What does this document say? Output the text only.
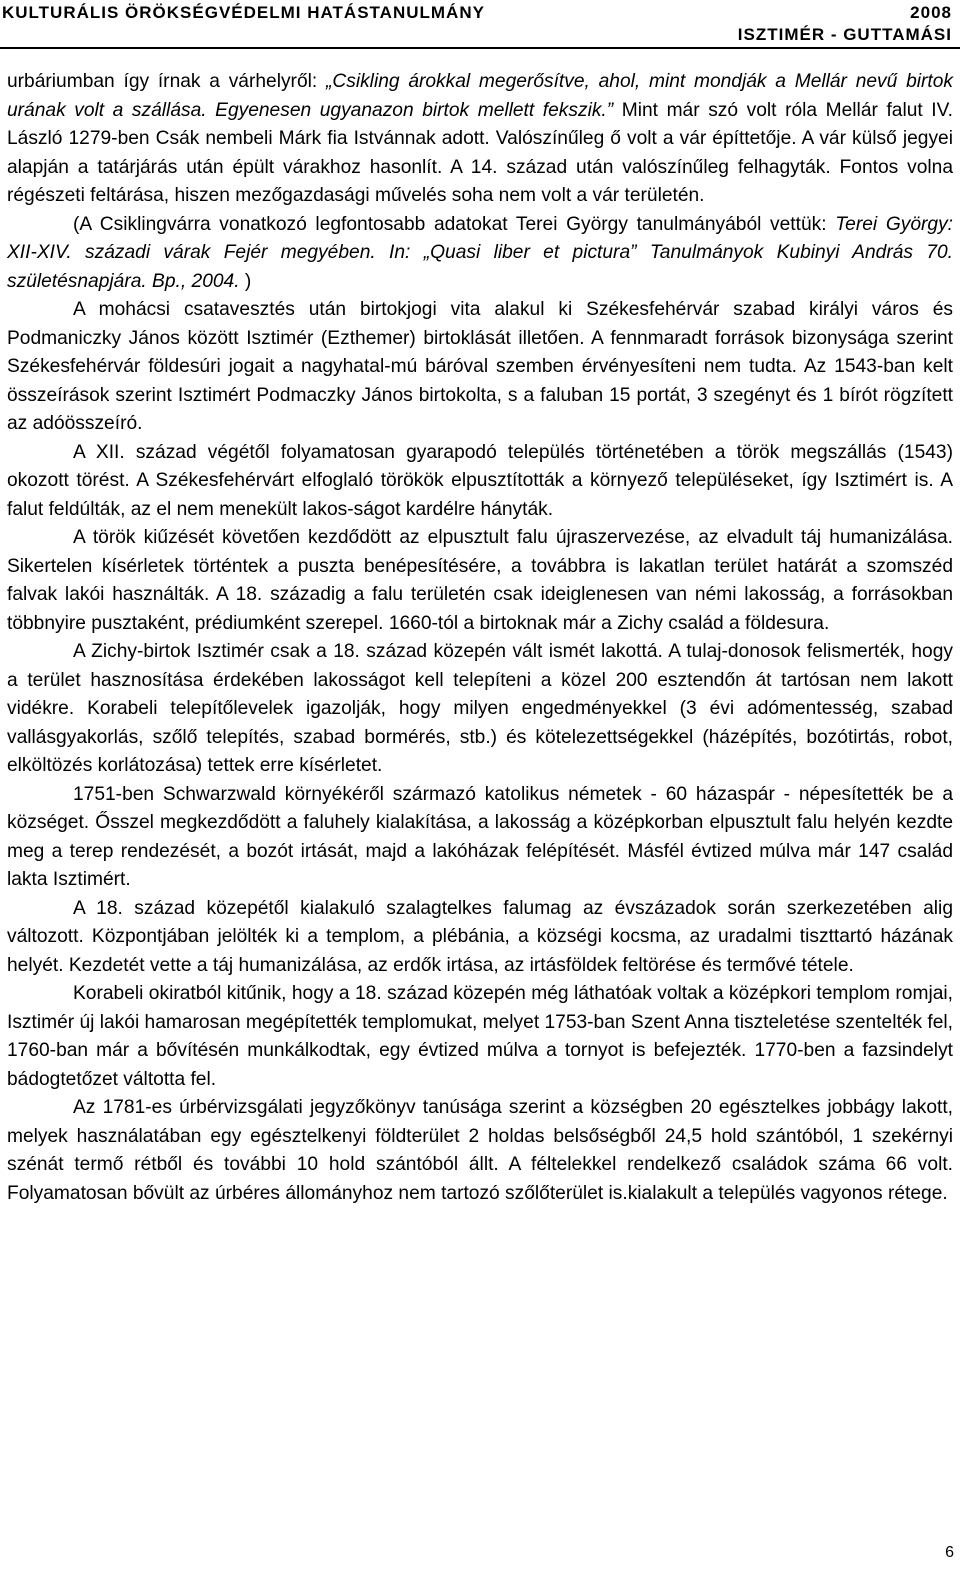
KULTURÁLIS ÖRÖKSÉGVÉDELMI HATÁSTANULMÁNY	2008
ISZTIMÉR - GUTTAMÁSI

urbáriumban így írnak a várhelyről: „Csikling árokkal megerősítve, ahol, mint mondják a Mellár nevű birtok urának volt a szállása. Egyenesen ugyanazon birtok mellett fekszik.” Mint már szó volt róla Mellár falut IV. László 1279-ben Csák nembeli Márk fia Istvánnak adott. Valószínűleg ő volt a vár építtetője. A vár külső jegyei alapján a tatárjárás után épült várakhoz hasonlít. A 14. század után valószínűleg felhagyták. Fontos volna régészeti feltárása, hiszen mezőgazdasági művelés soha nem volt a vár területén.

(A Csiklingvárra vonatkozó legfontosabb adatokat Terei György tanulmányából vettük: Terei György: XII-XIV. századi várak Fejér megyében. In: „Quasi liber et pictura” Tanulmányok Kubinyi András 70. születésnapjára. Bp., 2004. )

A mohácsi csatavesztés után birtokjogi vita alakul ki Székesfehérvár szabad királyi város és Podmaniczky János között Isztimér (Ezthemer) birtoklását illetően. A fennmaradt források bizonysága szerint Székesfehérvár földesúri jogait a nagyhatal-mú báróval szemben érvényesíteni nem tudta. Az 1543-ban kelt összeírások szerint Isztimért Podmaczky János birtokolta, s a faluban 15 portát, 3 szegényt és 1 bírót rögzített az adóösszeíró.

A XII. század végétől folyamatosan gyarapodó település történetében a török megszállás (1543) okozott törést. A Székesfehérvárt elfoglaló törökök elpusztították a környező településeket, így Isztimért is. A falut feldúlták, az el nem menekült lakos-ságot kardélre hányták.

A török kiűzését követően kezdődött az elpusztult falu újraszervezése, az elvadult táj humanizálása. Sikertelen kísérletek történtek a puszta benépesítésére, a továbbra is lakatlan terület határát a szomszéd falvak lakói használták. A 18. századig a falu területén csak ideiglenesen van némi lakosság, a forrásokban többnyire pusztaként, prédiumként szerepel. 1660-tól a birtoknak már a Zichy család a földesura.

A Zichy-birtok Isztimér csak a 18. század közepén vált ismét lakottá. A tulaj-donosok felismerték, hogy a terület hasznosítása érdekében lakosságot kell telepíteni a közel 200 esztendőn át tartósan nem lakott vidékre. Korabeli telepítőlevelek igazolják, hogy milyen engedményekkel (3 évi adómentesség, szabad vallásgyakorlás, szőlő telepítés, szabad bormérés, stb.) és kötelezettségekkel (házépítés, bozótirtás, robot, elköltözés korlátozása) tettek erre kísérletet.

1751-ben Schwarzwald környékéről származó katolikus németek - 60 házaspár - népesítették be a községet. Ősszel megkezdődött a faluhely kialakítása, a lakosság a középkorban elpusztult falu helyén kezdte meg a terep rendezését, a bozót irtását, majd a lakóházak felépítését. Másfél évtized múlva már 147 család lakta Isztimért.

A 18. század közepétől kialakuló szalagtelkes falumag az évszázadok során szerkezetében alig változott. Központjában jelölték ki a templom, a plébánia, a községi kocsma, az uradalmi tiszttartó házának helyét. Kezdetét vette a táj humanizálása, az erdők irtása, az irtásföldek feltörése és termővé tétele.

Korabeli okiratból kitűnik, hogy a 18. század közepén még láthatóak voltak a középkori templom romjai, Isztimér új lakói hamarosan megépítették templomukat, melyet 1753-ban Szent Anna tiszteletése szentelték fel, 1760-ban már a bővítésén munkálkodtak, egy évtized múlva a tornyot is befejezték. 1770-ben a fazsindelyt bádogtetőzet váltotta fel.

Az 1781-es úrbérvizsgálati jegyzőkönyv tanúsága szerint a községben 20 egésztelkes jobbágy lakott, melyek használatában egy egésztelkenyi földterület 2 holdas belsőségből 24,5 hold szántóból, 1 szekérnyi szénát termő rétből és további 10 hold szántóból állt. A féltelekkel rendelkező családok száma 66 volt. Folyamatosan bővült az úrbéres állományhoz nem tartozó szőlőterület is.kialakult a település vagyonos rétege.

6
